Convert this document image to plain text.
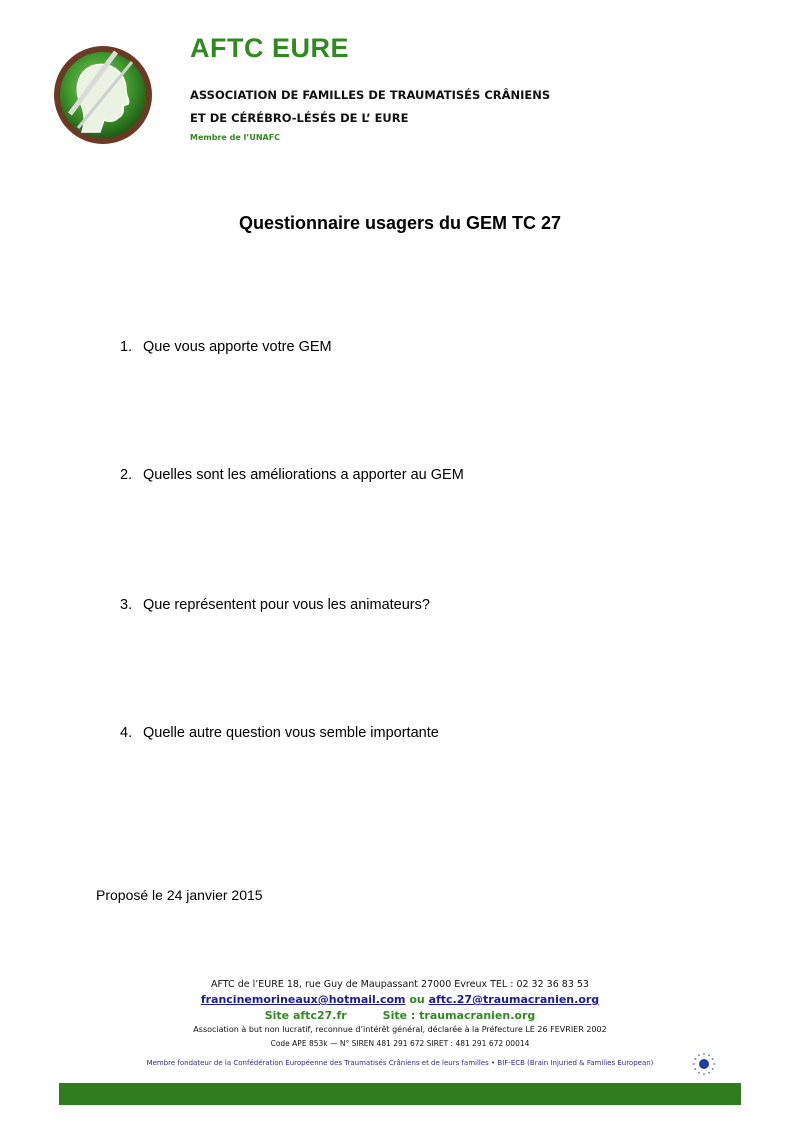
AFTC EURE
ASSOCIATION DE FAMILLES DE TRAUMATISÉS CRÂNIENS
ET DE CÉRÉBRO-LÉSÉS DE L’ EURE
Membre de l’UNAFC
Questionnaire usagers du GEM TC 27
1. Que vous apporte votre GEM
2. Quelles sont les améliorations a apporter au GEM
3. Que représentent pour vous les animateurs?
4. Quelle autre question vous semble importante
Proposé le 24 janvier 2015
AFTC de l’EURE 18, rue Guy de Maupassant 27000 Evreux TEL : 02 32 36 83 53
francinemorineaux@hotmail.com ou aftc.27@traumacranien.org
Site aftc27.fr	Site : traumacranien.org
Association à but non lucratif, reconnue d’intérêt général, déclarée à la Préfecture LE 26 FEVRIER 2002
Code APE 853k — N° SIREN 481 291 672 SIRET : 481 291 672 00014
Membre fondateur de la Confédération Européenne des Traumatisés Crâniens et de leurs familles • BIF-ECB (Brain Injuried & Families European)
